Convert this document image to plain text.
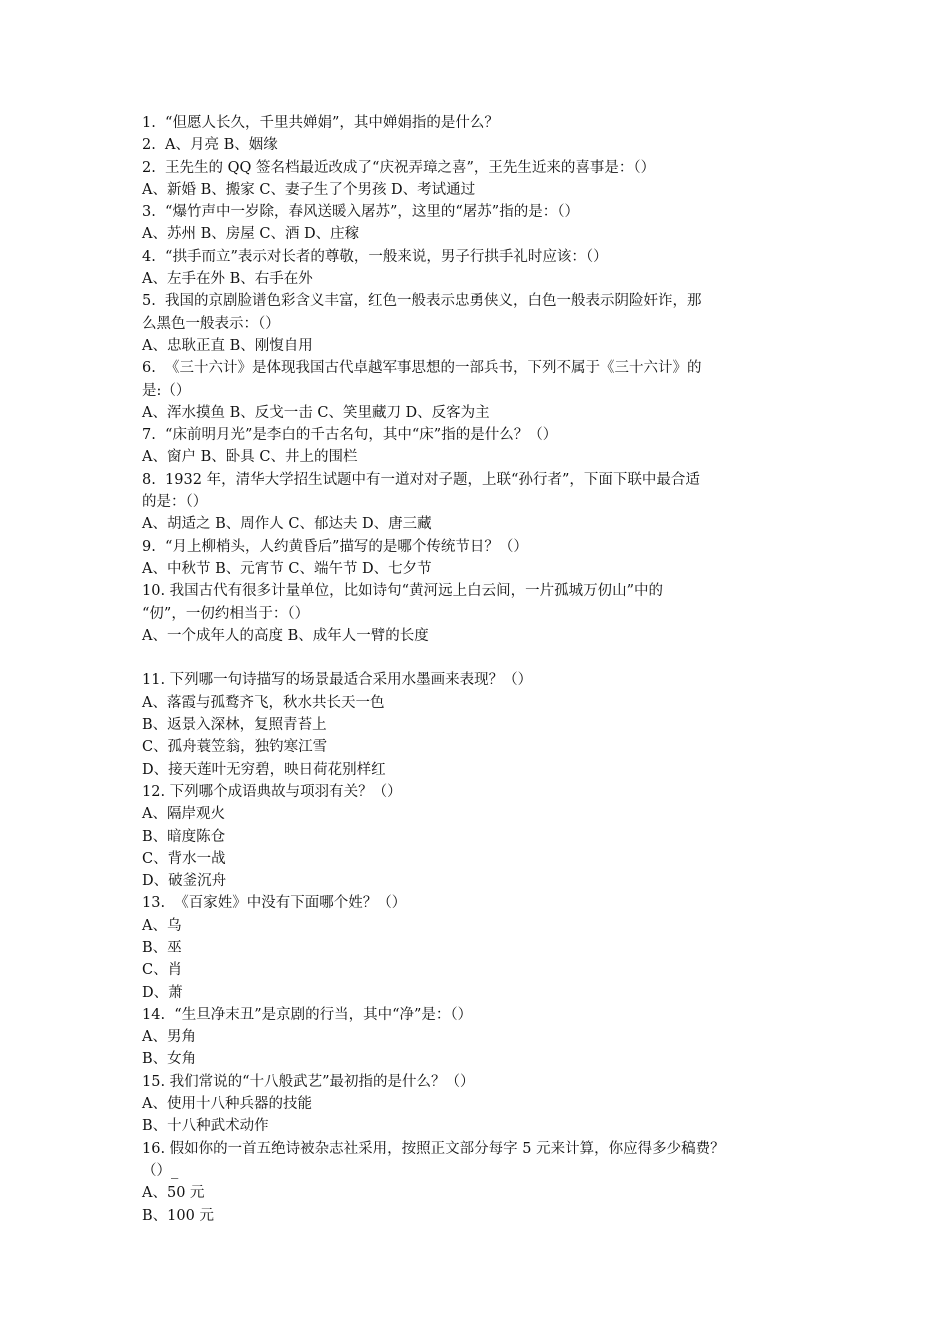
1.  “但愿人长久，千里共婵娟”，其中婵娟指的是什么？
2.  A、月亮 B、姻缘
2.  王先生的 QQ 签名档最近改成了“庆祝弄璋之喜”，王先生近来的喜事是：（）
A、新婚 B、搬家 C、妻子生了个男孩 D、考试通过
3.  “爆竹声中一岁除，春风送暖入屠苏”，这里的“屠苏”指的是：（）
A、苏州 B、房屋 C、酒 D、庄稼
4.  “拱手而立”表示对长者的尊敬，一般来说，男子行拱手礼时应该：（）
A、左手在外 B、右手在外
5.  我国的京剧脸谱色彩含义丰富，红色一般表示忠勇侠义，白色一般表示阴险奸诈，那
么黑色一般表示：（）
A、忠耿正直 B、刚愎自用
6.  《三十六计》是体现我国古代卓越军事思想的一部兵书，下列不属于《三十六计》的
是:（）
A、浑水摸鱼 B、反戈一击 C、笑里藏刀 D、反客为主
7.  “床前明月光”是李白的千古名句，其中“床”指的是什么？（）
A、窗户 B、卧具 C、井上的围栏
8.  1932 年，清华大学招生试题中有一道对对子题，上联“孙行者”，下面下联中最合适
的是：（）
A、胡适之 B、周作人 C、郁达夫 D、唐三藏
9.  “月上柳梢头，人约黄昏后”描写的是哪个传统节日？（）
A、中秋节 B、元宵节 C、端午节 D、七夕节
10. 我国古代有很多计量单位，比如诗句“黄河远上白云间，一片孤城万仞山”中的
“仞”，一仞约相当于：（）
A、一个成年人的高度 B、成年人一臂的长度
11. 下列哪一句诗描写的场景最适合采用水墨画来表现？（）
A、落霞与孤鹜齐飞，秋水共长天一色
B、返景入深林，复照青苔上
C、孤舟蓑笠翁，独钓寒江雪
D、接天莲叶无穷碧，映日荷花别样红
12. 下列哪个成语典故与项羽有关？（）
A、隔岸观火
B、暗度陈仓
C、背水一战
D、破釜沉舟
13.  《百家姓》中没有下面哪个姓？（）
A、乌
B、巫
C、肖
D、萧
14.  “生旦净末丑”是京剧的行当，其中“净”是：（）
A、男角
B、女角
15. 我们常说的“十八般武艺”最初指的是什么？（）
A、使用十八种兵器的技能
B、十八种武术动作
16. 假如你的一首五绝诗被杂志社采用，按照正文部分每字 5 元来计算，你应得多少稿费？
（）_
A、50 元
B、100 元
